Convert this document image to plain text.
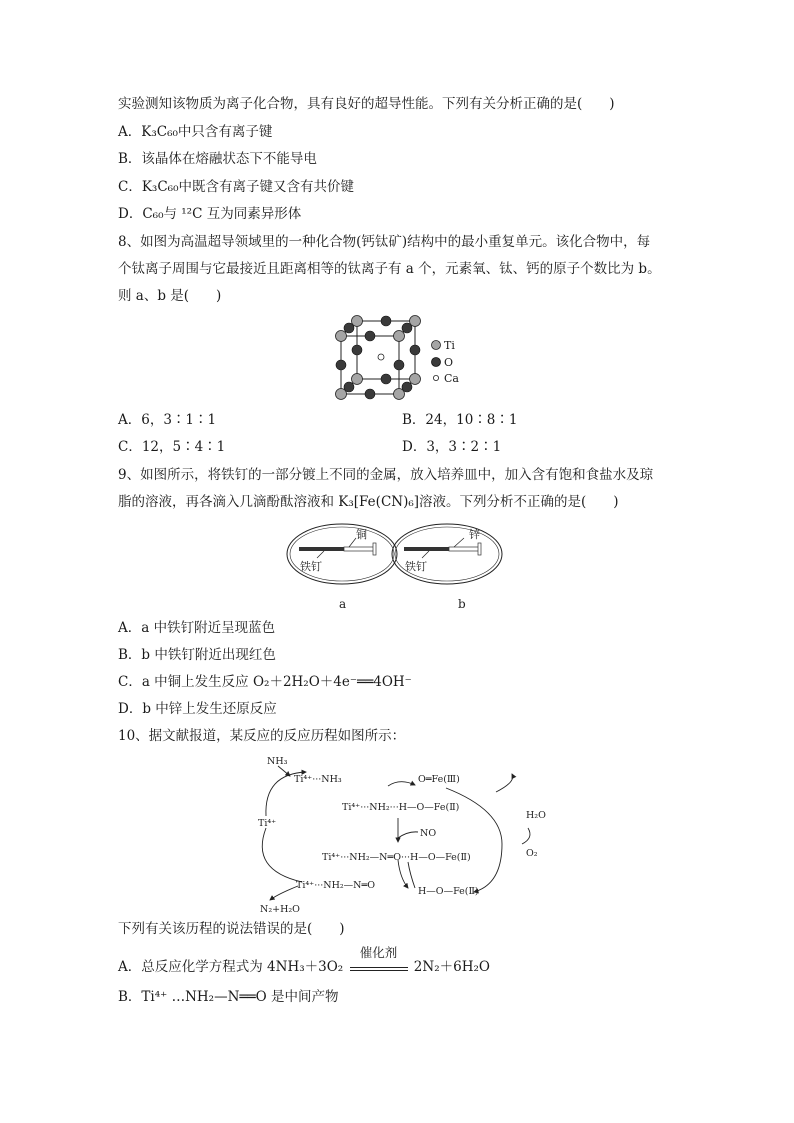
实验测知该物质为离子化合物，具有良好的超导性能。下列有关分析正确的是(　　)
A．K₃C₆₀中只含有离子键
B．该晶体在熔融状态下不能导电
C．K₃C₆₀中既含有离子键又含有共价键
D．C₆₀与 ¹²C 互为同素异形体
8、如图为高温超导领域里的一种化合物(钙钛矿)结构中的最小重复单元。该化合物中，每
个钛离子周围与它最接近且距离相等的钛离子有 a 个，元素氧、钛、钙的原子个数比为 b。
则 a、b 是(　　)
Ti
O
Ca
A．6，3∶1∶1	B．24，10∶8∶1
C．12，5∶4∶1	D．3，3∶2∶1
9、如图所示，将铁钉的一部分镀上不同的金属，放入培养皿中，加入含有饱和食盐水及琼
脂的溶液，再各滴入几滴酚酞溶液和 K₃[Fe(CN)₆]溶液。下列分析不正确的是(　　)
铜
铁钉
a
锌
铁钉
b
A．a 中铁钉附近呈现蓝色
B．b 中铁钉附近出现红色
C．a 中铜上发生反应 O₂＋2H₂O＋4e⁻══4OH⁻
D．b 中锌上发生还原反应
10、据文献报道，某反应的反应历程如图所示：
NH₃
Ti⁴⁺···NH₃	O═Fe(Ⅲ)
Ti⁴⁺···NH₂···H—O—Fe(Ⅱ)
NO
Ti⁴⁺···NH₂—N═O···H—O—Fe(Ⅱ)
Ti⁴⁺
Ti⁴⁺···NH₂—N═O
H—O—Fe(Ⅱ)
N₂+H₂O
H₂O
O₂
下列有关该历程的说法错误的是(　　)
A．总反应化学方程式为 4NH₃＋3O₂
催化剂
2N₂＋6H₂O
B．Ti⁴⁺ …NH₂—N══O 是中间产物
